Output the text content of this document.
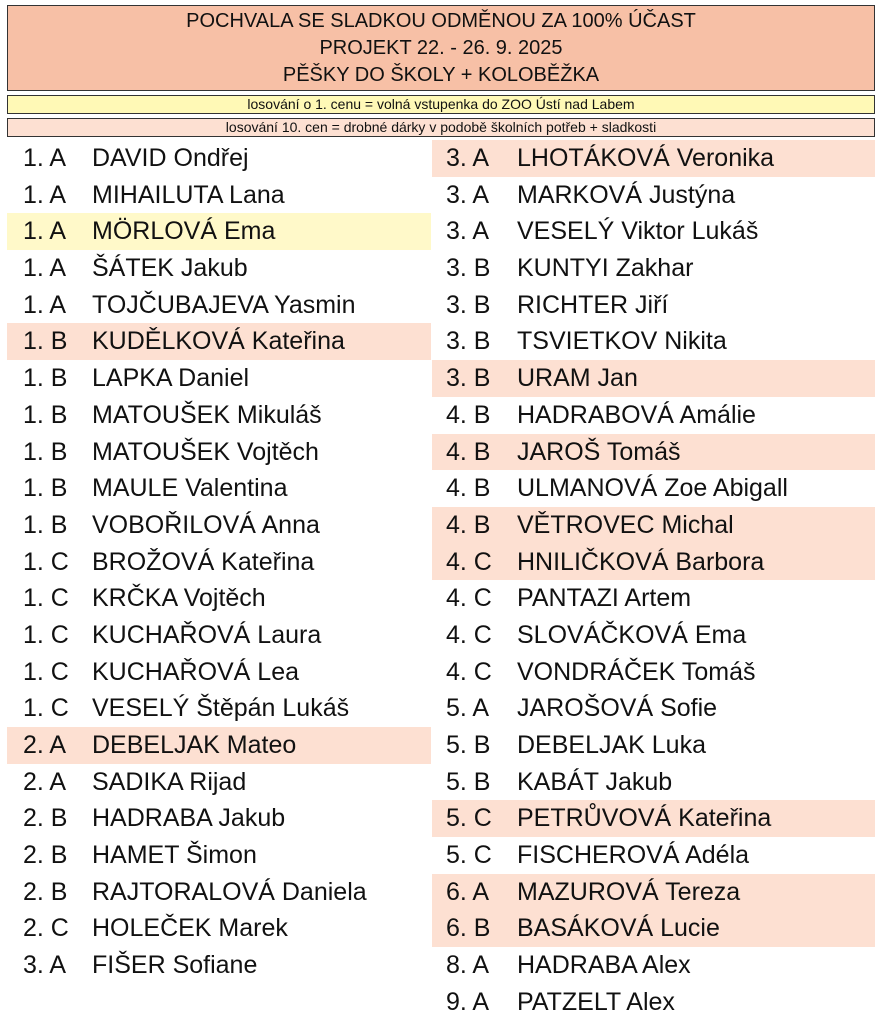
POCHVALA SE SLADKOU ODMĚNOU ZA 100% ÚČAST
PROJEKT 22. - 26. 9. 2025
PĚŠKY DO ŠKOLY + KOLOBĚŽKA
losování o 1. cenu = volná vstupenka do ZOO Ústí nad Labem
losování 10. cen = drobné dárky v podobě školních potřeb + sladkosti
1. A DAVID Ondřej
1. A MIHAILUTA Lana
1. A MÖRLOVÁ Ema
1. A ŠÁTEK Jakub
1. A TOJČUBAJEVA Yasmin
1. B KUDĚLKOVÁ Kateřina
1. B LAPKA Daniel
1. B MATOUŠEK Mikuláš
1. B MATOUŠEK Vojtěch
1. B MAULE Valentina
1. B VOBOŘILOVÁ Anna
1. C BROŽOVÁ Kateřina
1. C KRČKA Vojtěch
1. C KUCHAŘOVÁ Laura
1. C KUCHAŘOVÁ Lea
1. C VESELÝ Štěpán Lukáš
2. A DEBELJAK Mateo
2. A SADIKA Rijad
2. B HADRABA Jakub
2. B HAMET Šimon
2. B RAJTORALOVÁ Daniela
2. C HOLEČEK Marek
3. A FIŠER Sofiane
3. A LHOTÁKOVÁ Veronika
3. A MARKOVÁ Justýna
3. A VESELÝ Viktor Lukáš
3. B KUNTYI Zakhar
3. B RICHTER Jiří
3. B TSVIETKOV Nikita
3. B URAM Jan
4. B HADRABOVÁ Amálie
4. B JAROŠ Tomáš
4. B ULMANOVÁ Zoe Abigall
4. B VĚTROVEC Michal
4. C HNILIČKOVÁ Barbora
4. C PANTAZI Artem
4. C SLOVÁČKOVÁ Ema
4. C VONDRÁČEK Tomáš
5. A JAROŠOVÁ Sofie
5. B DEBELJAK Luka
5. B KABÁT Jakub
5. C PETRŮVOVÁ Kateřina
5. C FISCHEROVÁ Adéla
6. A MAZUROVÁ Tereza
6. B BASÁKOVÁ Lucie
8. A HADRABA Alex
9. A PATZELT Alex
